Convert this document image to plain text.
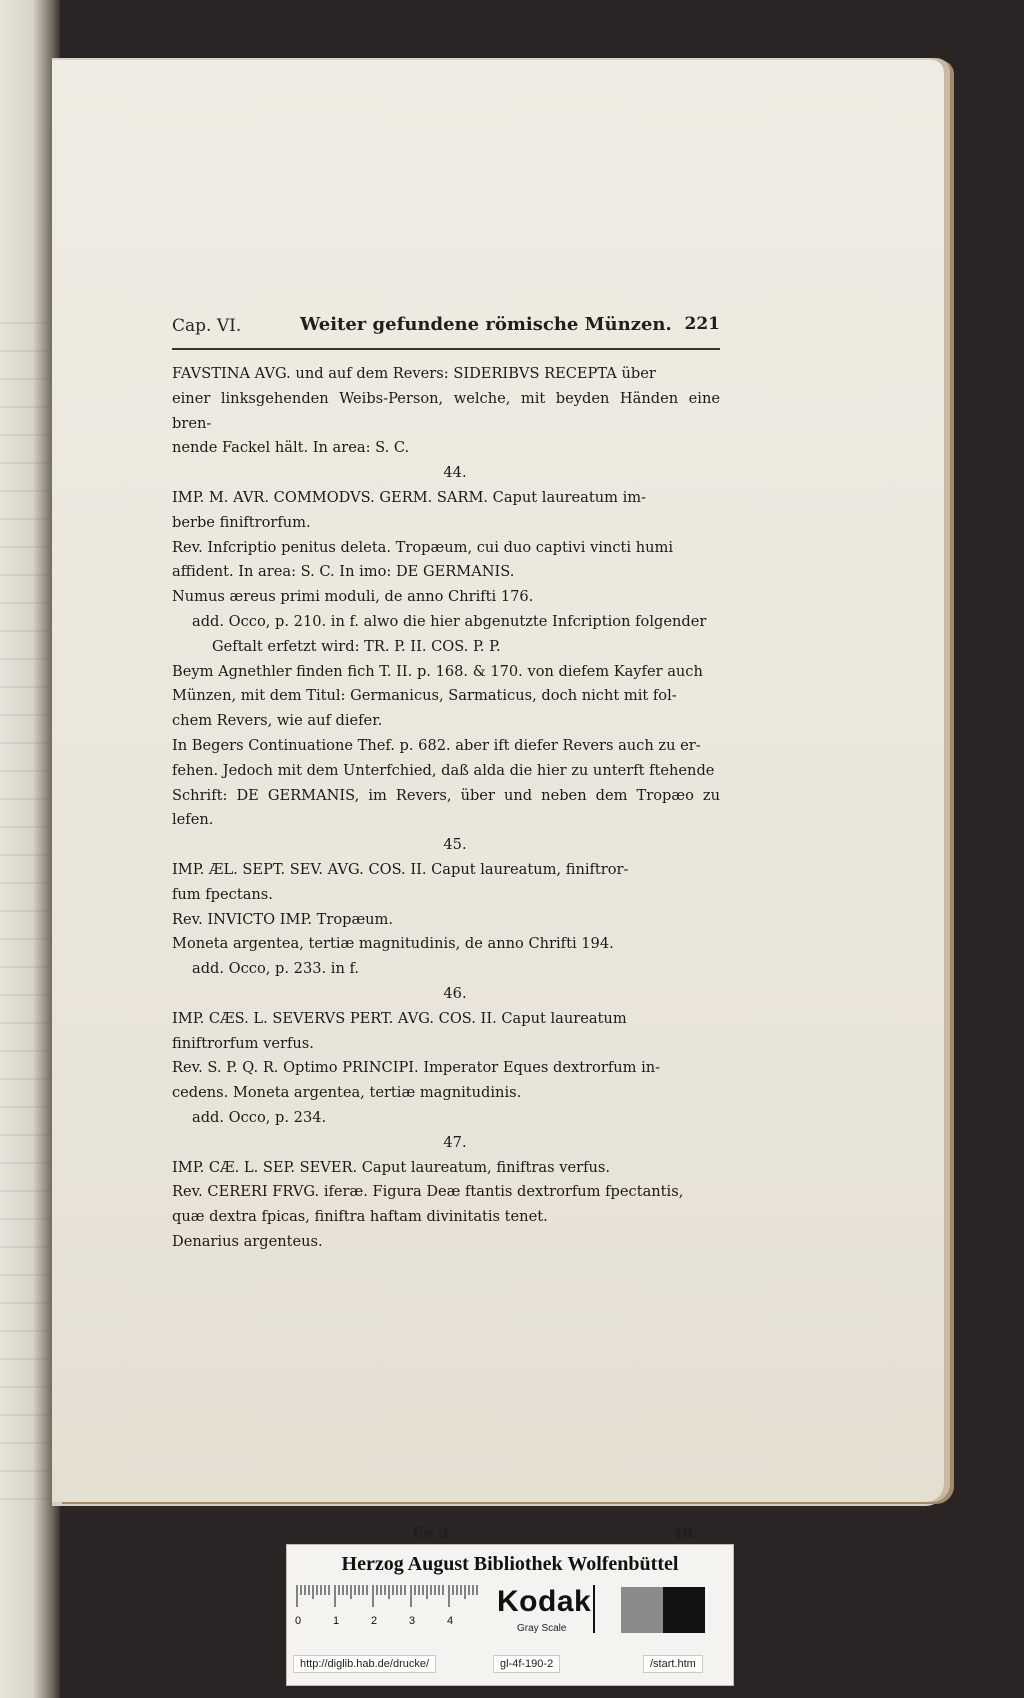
Cap. VI.	Weiter gefundene römische Münzen. 221

FAVSTINA AVG. und auf dem Revers: SIDERIBVS RECEPTA über

einer linksgehenden Weibs-Person, welche, mit beyden Händen eine bren-

nende Fackel hält. In area: S. C.

44.

IMP. M. AVR. COMMODVS. GERM. SARM. Caput laureatum im-

berbe finiftrorfum.

Rev. Infcriptio penitus deleta. Tropæum, cui duo captivi vincti humi

affident. In area: S. C. In imo: DE GERMANIS.

Numus æreus primi moduli, de anno Chrifti 176.

add. Occo, p. 210. in f. alwo die hier abgenutzte Infcription folgender

Geftalt erfetzt wird: TR. P. II. COS. P. P.

Beym Agnethler finden fich T. II. p. 168. & 170. von diefem Kayfer auch

Münzen, mit dem Titul: Germanicus, Sarmaticus, doch nicht mit fol-

chem Revers, wie auf diefer.

In Begers Continuatione Thef. p. 682. aber ift diefer Revers auch zu er-

fehen. Jedoch mit dem Unterfchied, daß alda die hier zu unterft ftehende

Schrift: DE GERMANIS, im Revers, über und neben dem Tropæo zu lefen.

45.

IMP. ÆL. SEPT. SEV. AVG. COS. II. Caput laureatum, finiftror-

fum fpectans.

Rev. INVICTO IMP. Tropæum.

Moneta argentea, tertiæ magnitudinis, de anno Chrifti 194.

add. Occo, p. 233. in f.

46.

IMP. CÆS. L. SEVERVS PERT. AVG. COS. II. Caput laureatum

finiftrorfum verfus.

Rev. S. P. Q. R. Optimo PRINCIPI. Imperator Eques dextrorfum in-

cedens. Moneta argentea, tertiæ magnitudinis.

add. Occo, p. 234.

47.

IMP. CÆ. L. SEP. SEVER. Caput laureatum, finiftras verfus.

Rev. CERERI FRVG. iferæ. Figura Deæ ftantis dextrorfum fpectantis,

quæ dextra fpicas, finiftra haftam divinitatis tenet.

Denarius argenteus.

Ee 3	48.
Herzog August Bibliothek Wolfenbüttel
0	1	2	3	4
Kodak
Gray Scale
http://diglib.hab.de/drucke/	gl-4f-190-2	/start.htm
